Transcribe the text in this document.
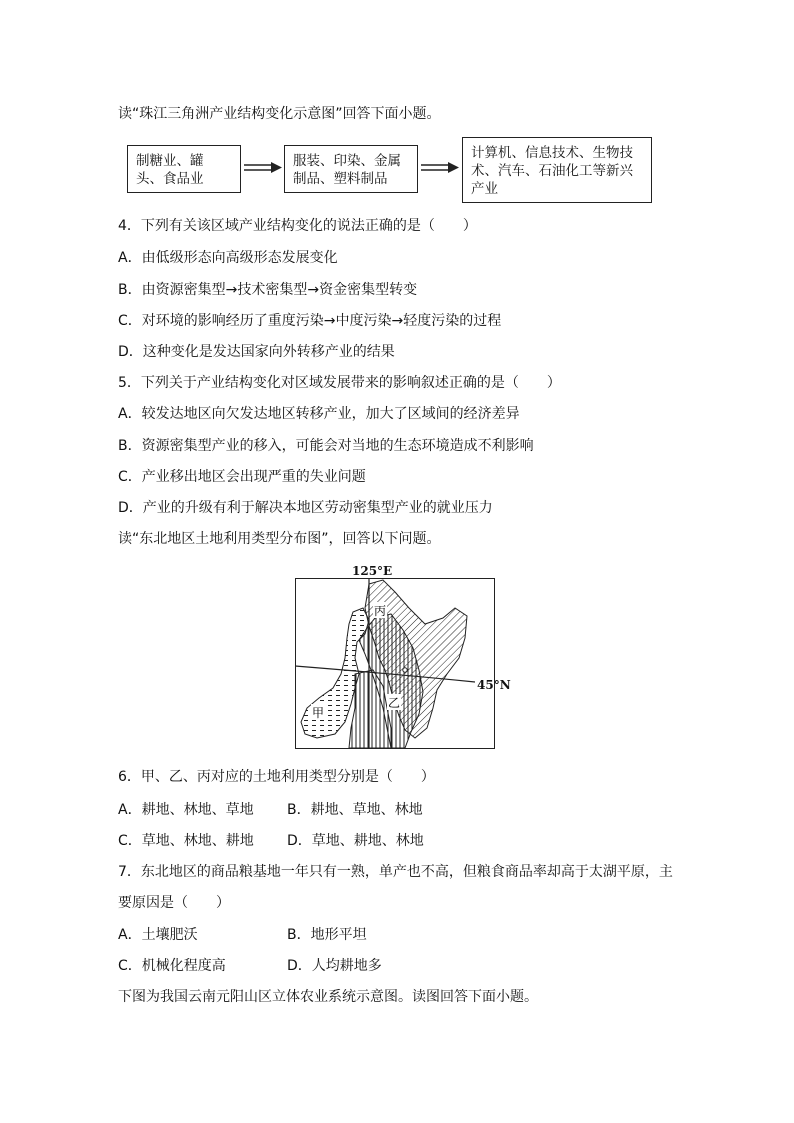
读“珠江三角洲产业结构变化示意图”回答下面小题。
制糖业、罐
头、食品业
服装、印染、金属
制品、塑料制品
计算机、信息技术、生物技
术、汽车、石油化工等新兴
产业
4．下列有关该区域产业结构变化的说法正确的是（　　）
A．由低级形态向高级形态发展变化
B．由资源密集型→技术密集型→资金密集型转变
C．对环境的影响经历了重度污染→中度污染→轻度污染的过程
D．这种变化是发达国家向外转移产业的结果
5．下列关于产业结构变化对区域发展带来的影响叙述正确的是（　　）
A．较发达地区向欠发达地区转移产业，加大了区域间的经济差异
B．资源密集型产业的移入，可能会对当地的生态环境造成不利影响
C．产业移出地区会出现严重的失业问题
D．产业的升级有利于解决本地区劳动密集型产业的就业压力
读“东北地区土地利用类型分布图”，回答以下问题。
丙
乙
甲
125°E
45°N
6．甲、乙、丙对应的土地利用类型分别是（　　）
A．耕地、林地、草地 B．耕地、草地、林地
C．草地、林地、耕地 D．草地、耕地、林地
7．东北地区的商品粮基地一年只有一熟，单产也不高，但粮食商品率却高于太湖平原，主
要原因是（　　）
A．土壤肥沃	B．地形平坦
C．机械化程度高	D．人均耕地多
下图为我国云南元阳山区立体农业系统示意图。读图回答下面小题。
